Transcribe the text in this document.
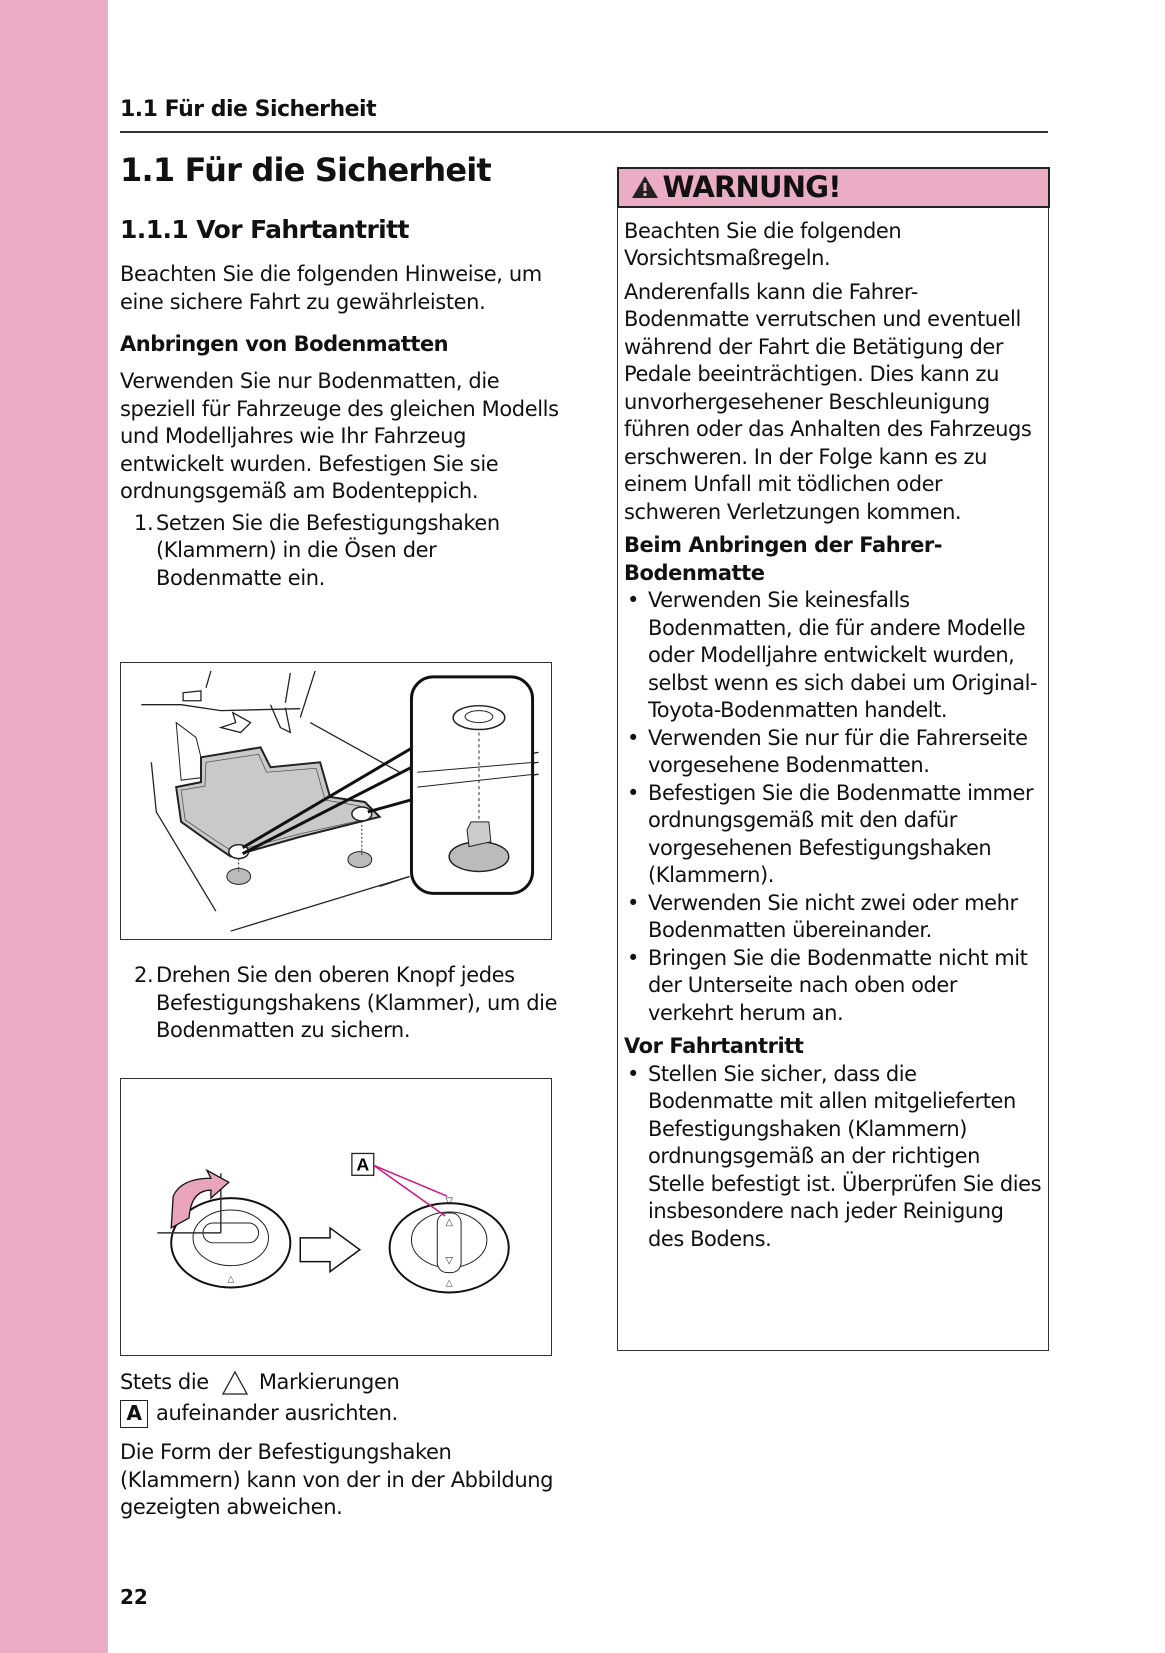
1.1 Für die Sicherheit
1.1 Für die Sicherheit
1.1.1 Vor Fahrtantritt
Beachten Sie die folgenden Hinweise, um eine sichere Fahrt zu gewährleisten.
Anbringen von Bodenmatten
Verwenden Sie nur Bodenmatten, die speziell für Fahrzeuge des gleichen Modells und Modelljahres wie Ihr Fahrzeug entwickelt wurden. Befestigen Sie sie ordnungsgemäß am Bodenteppich.
1. Setzen Sie die Befestigungshaken (Klammern) in die Ösen der Bodenmatte ein.
2. Drehen Sie den oberen Knopf jedes Befestigungshakens (Klammer), um die Bodenmatten zu sichern.
A
▽
△
▽
△
△
Stets die Markierungen
A aufeinander ausrichten.
Die Form der Befestigungshaken (Klammern) kann von der in der Abbildung gezeigten abweichen.
22
WARNUNG!

Beachten Sie die folgenden Vorsichtsmaßregeln.

Anderenfalls kann die Fahrer-Bodenmatte verrutschen und eventuell während der Fahrt die Betätigung der Pedale beeinträchtigen. Dies kann zu unvorhergesehener Beschleunigung führen oder das Anhalten des Fahrzeugs erschweren. In der Folge kann es zu einem Unfall mit tödlichen oder schweren Verletzungen kommen.

Beim Anbringen der Fahrer-Bodenmatte
• Verwenden Sie keinesfalls Bodenmatten, die für andere Modelle oder Modelljahre entwickelt wurden, selbst wenn es sich dabei um Original-Toyota-Bodenmatten handelt.
• Verwenden Sie nur für die Fahrerseite vorgesehene Bodenmatten.
• Befestigen Sie die Bodenmatte immer ordnungsgemäß mit den dafür vorgesehenen Befestigungshaken (Klammern).
• Verwenden Sie nicht zwei oder mehr Bodenmatten übereinander.
• Bringen Sie die Bodenmatte nicht mit der Unterseite nach oben oder verkehrt herum an.
Vor Fahrtantritt
• Stellen Sie sicher, dass die Bodenmatte mit allen mitgelieferten Befestigungshaken (Klammern) ordnungsgemäß an der richtigen Stelle befestigt ist. Überprüfen Sie dies insbesondere nach jeder Reinigung des Bodens.
